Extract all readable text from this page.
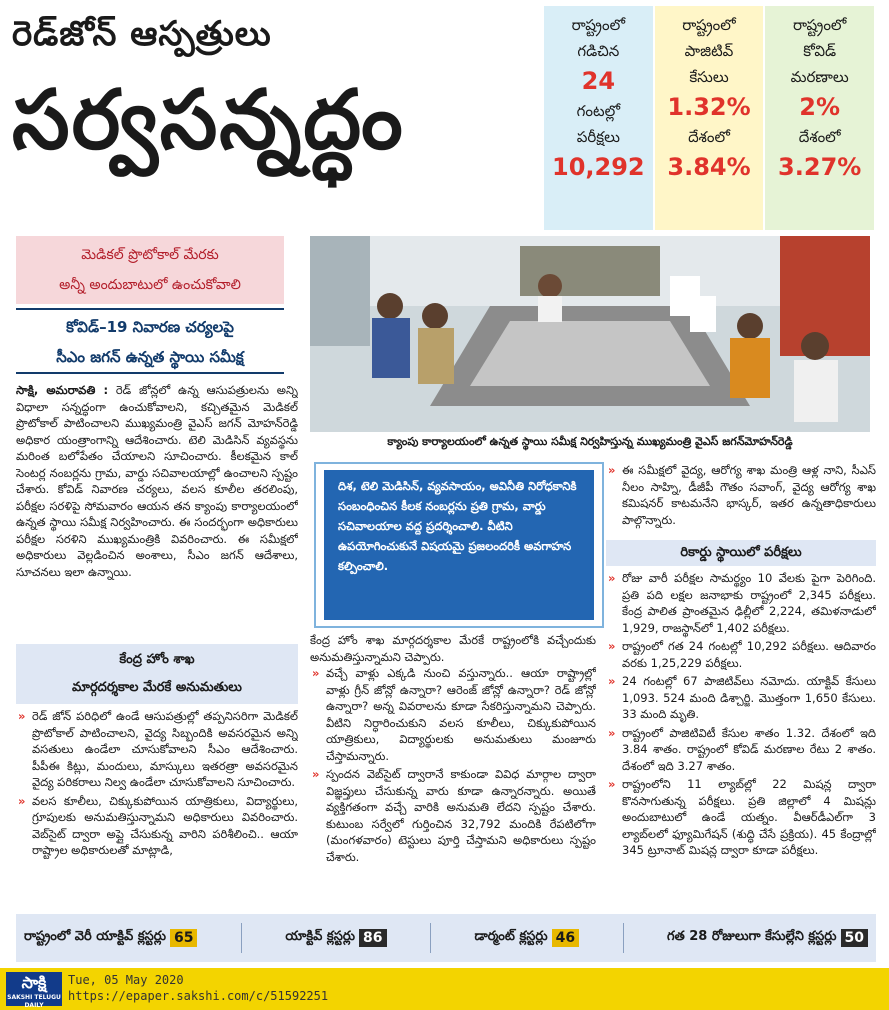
రెడ్‌జోన్‌ ఆస్పత్రులు
సర్వసన్నద్ధం
రాష్ట్రంలో
గడిచిన
24
గంటల్లో
పరీక్షలు
10,292
రాష్ట్రంలో
పాజిటివ్‌
కేసులు
1.32%
దేశంలో
3.84%
రాష్ట్రంలో
కోవిడ్‌
మరణాలు
2%
దేశంలో
3.27%
మెడికల్‌ ప్రొటోకాల్‌ మేరకు
అన్నీ అందుబాటులో ఉంచుకోవాలి
కోవిడ్‌–19 నివారణ చర్యలపై
సీఎం జగన్‌ ఉన్నత స్థాయి సమీక్ష
క్యాంపు కార్యాలయంలో ఉన్నత స్థాయి సమీక్ష నిర్వహిస్తున్న ముఖ్యమంత్రి వైఎస్‌ జగన్‌మోహన్‌రెడ్డి
సాక్షి, అమరావతి : రెడ్‌ జోన్లలో ఉన్న ఆసుపత్రులను అన్ని విధాలా సన్నద్ధంగా ఉంచుకోవాలని, కచ్చితమైన మెడికల్‌ ప్రొటోకాల్‌ పాటించాలని ముఖ్యమంత్రి వైఎస్‌ జగన్‌ మోహన్‌రెడ్డి అధికార యంత్రాంగాన్ని ఆదేశించారు. టెలి మెడిసిన్‌ వ్యవస్థను మరింత బలోపేతం చేయాలని సూచించారు. కీలకమైన కాల్‌ సెంటర్ల నంబర్లను గ్రామ, వార్డు సచివాలయాల్లో ఉంచాలని స్పష్టం చేశారు. కోవిడ్‌ నివారణ చర్యలు, వలస కూలీల తరలింపు, పరీక్షల సరళిపై సోమవారం ఆయన తన క్యాంపు కార్యాలయంలో ఉన్నత స్థాయి సమీక్ష నిర్వహించారు. ఈ సందర్భంగా అధికారులు పరీక్షల సరళిని ముఖ్యమంత్రికి వివరించారు. ఈ సమీక్షలో అధికారులు వెల్లడించిన అంశాలు, సీఎం జగన్‌ ఆదేశాలు, సూచనలు ఇలా ఉన్నాయి.
కేంద్ర హోం శాఖ
మార్గదర్శకాల మేరకే అనుమతులు
» రెడ్‌ జోన్‌ పరిధిలో ఉండే ఆసుపత్రుల్లో తప్పనిసరిగా మెడికల్‌ ప్రొటోకాల్‌ పాటించాలని, వైద్య సిబ్బందికి అవసరమైన అన్ని వసతులు ఉండేలా చూసుకోవాలని సీఎం ఆదేశించారు. పీపీఈ కిట్లు, మందులు, మాస్కులు ఇతరత్రా అవసరమైన వైద్య పరికరాలు నిల్వ ఉండేలా చూసుకోవాలని సూచించారు.
» వలస కూలీలు, చిక్కుకుపోయిన యాత్రికులు, విద్యార్థులు, గ్రూపులకు అనుమతిస్తున్నామని అధికారులు వివరించారు. వెబ్‌సైట్‌ ద్వారా అప్లై చేసుకున్న వారిని పరిశీలించి.. ఆయా రాష్ట్రాల అధికారులతో మాట్లాడి,
దిశ, టెలి మెడిసిన్‌, వ్యవసాయం, అవినీతి నిరోధకానికి సంబంధించిన కీలక నంబర్లను ప్రతి గ్రామ, వార్డు సచివాలయాల వద్ద ప్రదర్శించాలి. వీటిని ఉపయోగించుకునే విషయమై ప్రజలందరికీ అవగాహన కల్పించాలి.

కేంద్ర హోం శాఖ మార్గదర్శకాల మేరకే రాష్ట్రంలోకి వచ్చేందుకు అనుమతిస్తున్నామని చెప్పారు.

» వచ్చే వాళ్లు ఎక్కడి నుంచి వస్తున్నారు.. ఆయా రాష్ట్రాల్లో వాళ్లు గ్రీన్‌ జోన్లో ఉన్నారా? ఆరెంజ్‌ జోన్లో ఉన్నారా? రెడ్‌ జోన్లో ఉన్నారా? అన్న వివరాలను కూడా సేకరిస్తున్నామని చెప్పారు. వీటిని నిర్ధారించుకుని వలస కూలీలు, చిక్కుకుపోయిన యాత్రికులు, విద్యార్థులకు అనుమతులు మంజూరు చేస్తామన్నారు.
» స్పందన వెబ్‌సైట్‌ ద్వారానే కాకుండా వివిధ మార్గాల ద్వారా విజ్ఞప్తులు చేసుకున్న వారు కూడా ఉన్నారన్నారు. అయితే వ్యక్తిగతంగా వచ్చే వారికి అనుమతి లేదని స్పష్టం చేశారు. కుటుంబ సర్వేలో గుర్తించిన 32,792 మందికి రేపటిలోగా (మంగళవారం) టెస్టులు పూర్తి చేస్తామని అధికారులు స్పష్టం చేశారు.
» ఈ సమీక్షలో వైద్య, ఆరోగ్య శాఖ మంత్రి ఆళ్ల నాని, సీఎస్‌ నీలం సాహ్ని, డీజీపీ గౌతం సవాంగ్‌, వైద్య ఆరోగ్య శాఖ కమిషనర్‌ కాటమనేని భాస్కర్‌, ఇతర ఉన్నతాధికారులు పాల్గొన్నారు.
రికార్డు స్థాయిలో పరీక్షలు
» రోజు వారీ పరీక్షల సామర్థ్యం 10 వేలకు పైగా పెరిగింది. ప్రతి పది లక్షల జనాభాకు రాష్ట్రంలో 2,345 పరీక్షలు. కేంద్ర పాలిత ప్రాంతమైన ఢిల్లీలో 2,224, తమిళనాడులో 1,929, రాజస్థాన్‌లో 1,402 పరీక్షలు.
» రాష్ట్రంలో గత 24 గంటల్లో 10,292 పరీక్షలు. ఆదివారం వరకు 1,25,229 పరీక్షలు.
» 24 గంటల్లో 67 పాజిటివ్‌లు నమోదు. యాక్టివ్‌ కేసులు 1,093. 524 మంది డిశ్చార్జి. మొత్తంగా 1,650 కేసులు. 33 మంది మృతి.
» రాష్ట్రంలో పాజిటివిటీ కేసుల శాతం 1.32. దేశంలో ఇది 3.84 శాతం. రాష్ట్రంలో కోవిడ్‌ మరణాల రేటు 2 శాతం. దేశంలో ఇది 3.27 శాతం.
» రాష్ట్రంలోని 11 ల్యాబ్‌ల్లో 22 మిషన్ల ద్వారా కొనసాగుతున్న పరీక్షలు. ప్రతి జిల్లాలో 4 మిషన్లు అందుబాటులో ఉండే యత్నం. వీఆర్‌డీఎల్‌గా 3 ల్యాబ్‌లలో ఫ్యూమిగేషన్‌ (శుద్ధి చేసే ప్రక్రియ). 45 కేంద్రాల్లో 345 ట్రూనాట్‌ మిషన్ల ద్వారా కూడా పరీక్షలు.
రాష్ట్రంలో వెరీ యాక్టివ్‌ క్లస్టర్లు 65	యాక్టివ్‌ క్లస్టర్లు 86	డార్మంట్‌ క్లస్టర్లు 46	గత 28 రోజులుగా కేసుల్లేని క్లస్టర్లు 50
సాక్షి
SAKSHI TELUGU DAILY
Tue, 05 May 2020
https://epaper.sakshi.com/c/51592251
